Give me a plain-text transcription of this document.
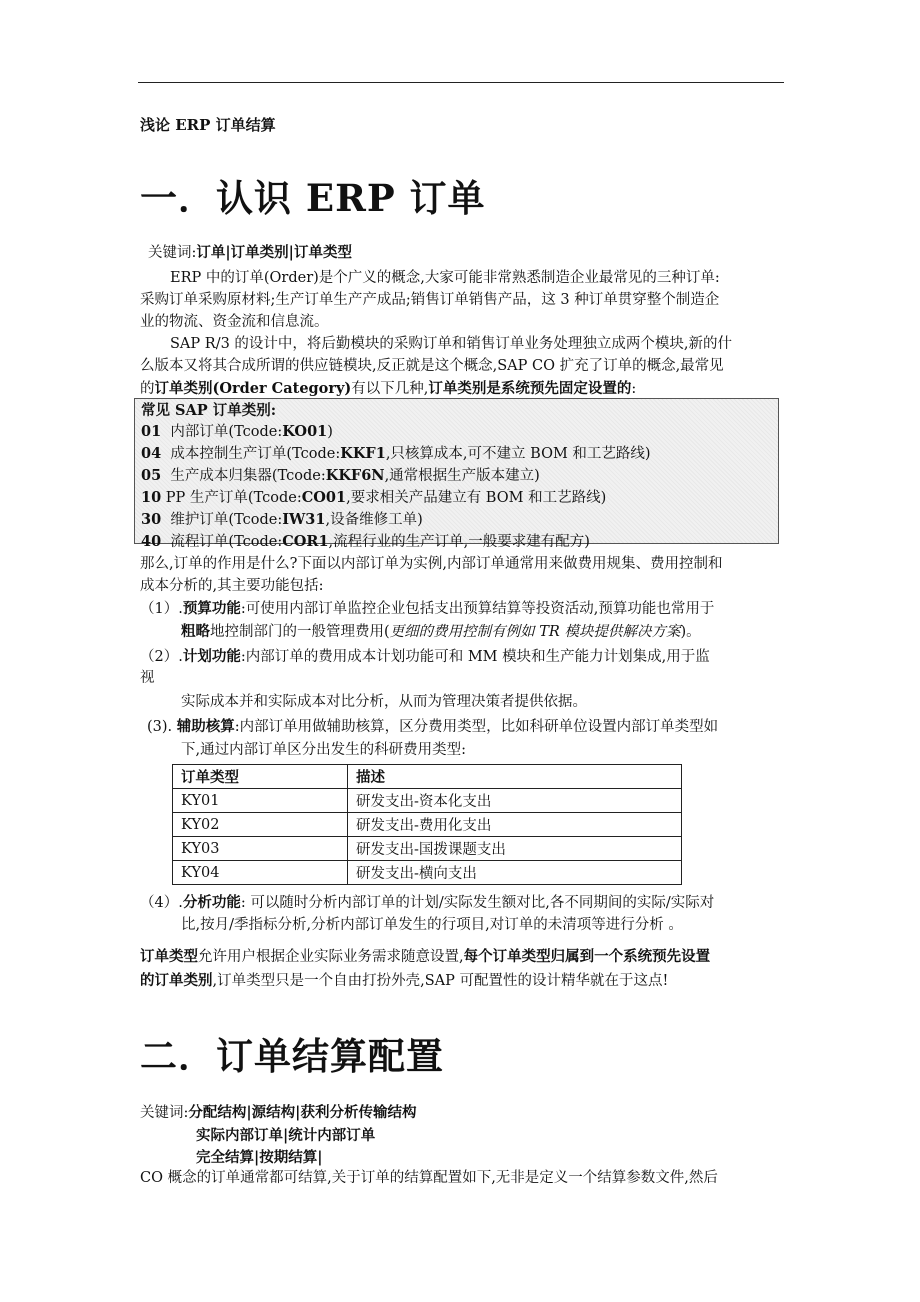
浅论 ERP 订单结算
一．认识 ERP 订单
关键词:订单|订单类别|订单类型
ERP 中的订单(Order)是个广义的概念,大家可能非常熟悉制造企业最常见的三种订单:
采购订单采购原材料;生产订单生产产成品;销售订单销售产品，这 3 种订单贯穿整个制造企
业的物流、资金流和信息流。
SAP R/3 的设计中，将后勤模块的采购订单和销售订单业务处理独立成两个模块,新的什
么版本又将其合成所谓的供应链模块,反正就是这个概念,SAP CO 扩充了订单的概念,最常见
的订单类别(Order Category)有以下几种,订单类别是系统预先固定设置的:
常见 SAP 订单类别:
01 内部订单(Tcode:KO01)
04 成本控制生产订单(Tcode:KKF1,只核算成本,可不建立 BOM 和工艺路线)
05 生产成本归集器(Tcode:KKF6N,通常根据生产版本建立)
10 PP 生产订单(Tcode:CO01,要求相关产品建立有 BOM 和工艺路线)
30 维护订单(Tcode:IW31,设备维修工单)
40 流程订单(Tcode:COR1,流程行业的生产订单,一般要求建有配方)
那么,订单的作用是什么?下面以内部订单为实例,内部订单通常用来做费用规集、费用控制和
成本分析的,其主要功能包括:
（1）.预算功能:可使用内部订单监控企业包括支出预算结算等投资活动,预算功能也常用于
粗略地控制部门的一般管理费用(更细的费用控制有例如 TR 模块提供解决方案)。
（2）.计划功能:内部订单的费用成本计划功能可和 MM 模块和生产能力计划集成,用于监
视
实际成本并和实际成本对比分析，从而为管理决策者提供依据。
(3). 辅助核算:内部订单用做辅助核算，区分费用类型，比如科研单位设置内部订单类型如
下,通过内部订单区分出发生的科研费用类型:
订单类型	描述
KY01	研发支出-资本化支出
KY02	研发支出-费用化支出
KY03	研发支出-国拨课题支出
KY04	研发支出-横向支出
（4）.分析功能: 可以随时分析内部订单的计划/实际发生额对比,各不同期间的实际/实际对
比,按月/季指标分析,分析内部订单发生的行项目,对订单的未清项等进行分析 。
订单类型允许用户根据企业实际业务需求随意设置,每个订单类型归属到一个系统预先设置
的订单类别,订单类型只是一个自由打扮外壳,SAP 可配置性的设计精华就在于这点!
二．订单结算配置
关键词:分配结构|源结构|获利分析传输结构
实际内部订单|统计内部订单
完全结算|按期结算|
CO 概念的订单通常都可结算,关于订单的结算配置如下,无非是定义一个结算参数文件,然后
